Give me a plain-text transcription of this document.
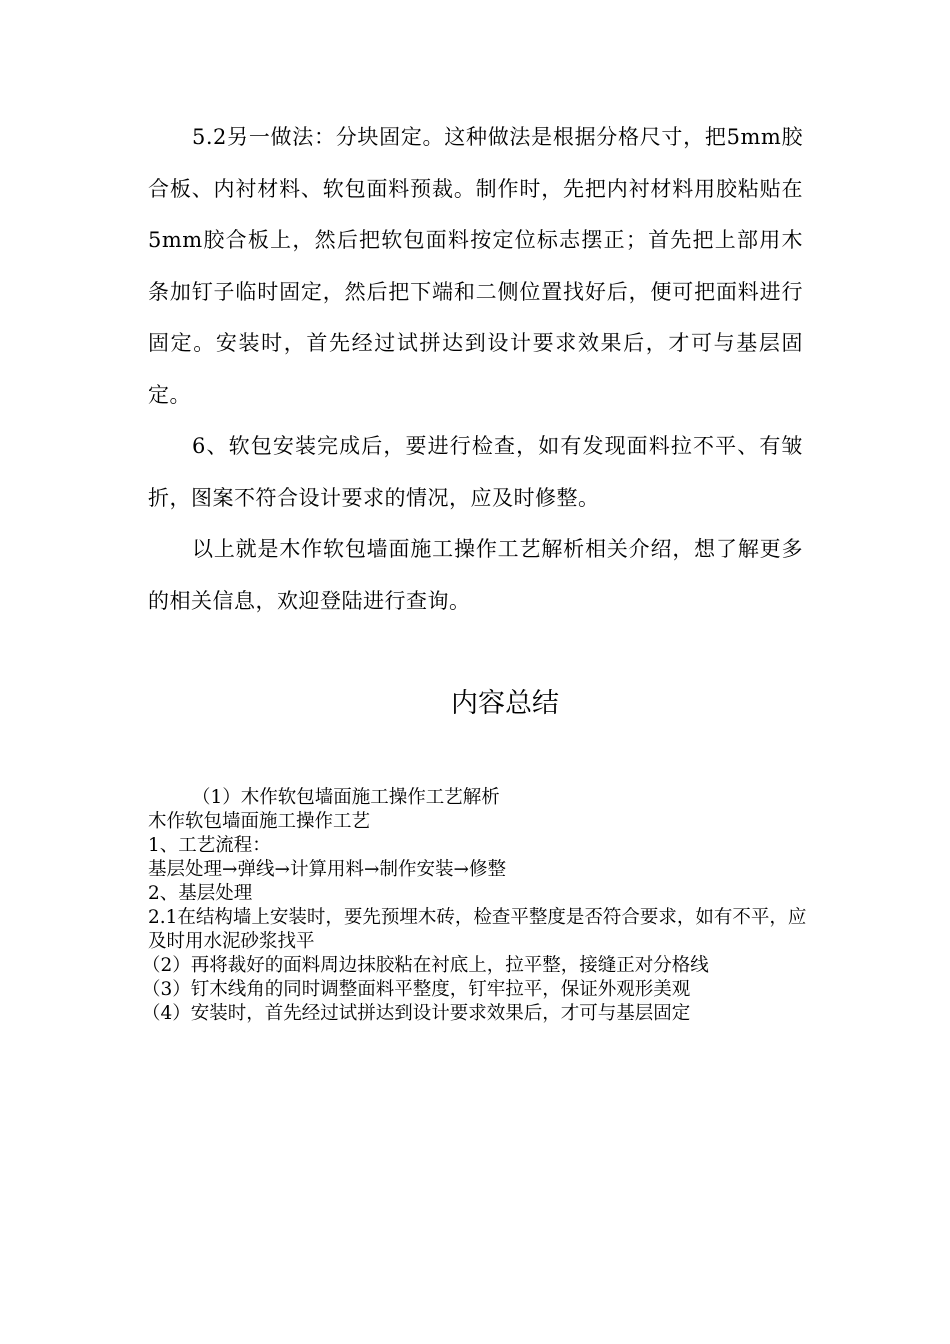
5.2另一做法：分块固定。这种做法是根据分格尺寸，把5mm胶合板、内衬材料、软包面料预裁。制作时，先把内衬材料用胶粘贴在5mm胶合板上，然后把软包面料按定位标志摆正；首先把上部用木条加钉子临时固定，然后把下端和二侧位置找好后，便可把面料进行固定。安装时，首先经过试拼达到设计要求效果后，才可与基层固定。

6、软包安装完成后，要进行检查，如有发现面料拉不平、有皱折，图案不符合设计要求的情况，应及时修整。

以上就是木作软包墙面施工操作工艺解析相关介绍，想了解更多的相关信息，欢迎登陆进行查询。

内容总结

（1）木作软包墙面施工操作工艺解析

木作软包墙面施工操作工艺

1、工艺流程：

基层处理→弹线→计算用料→制作安装→修整

2、基层处理

2.1在结构墙上安装时，要先预埋木砖，检查平整度是否符合要求，如有不平，应及时用水泥砂浆找平

（2）再将裁好的面料周边抹胶粘在衬底上，拉平整，接缝正对分格线

（3）钉木线角的同时调整面料平整度，钉牢拉平，保证外观形美观

（4）安装时，首先经过试拼达到设计要求效果后，才可与基层固定
